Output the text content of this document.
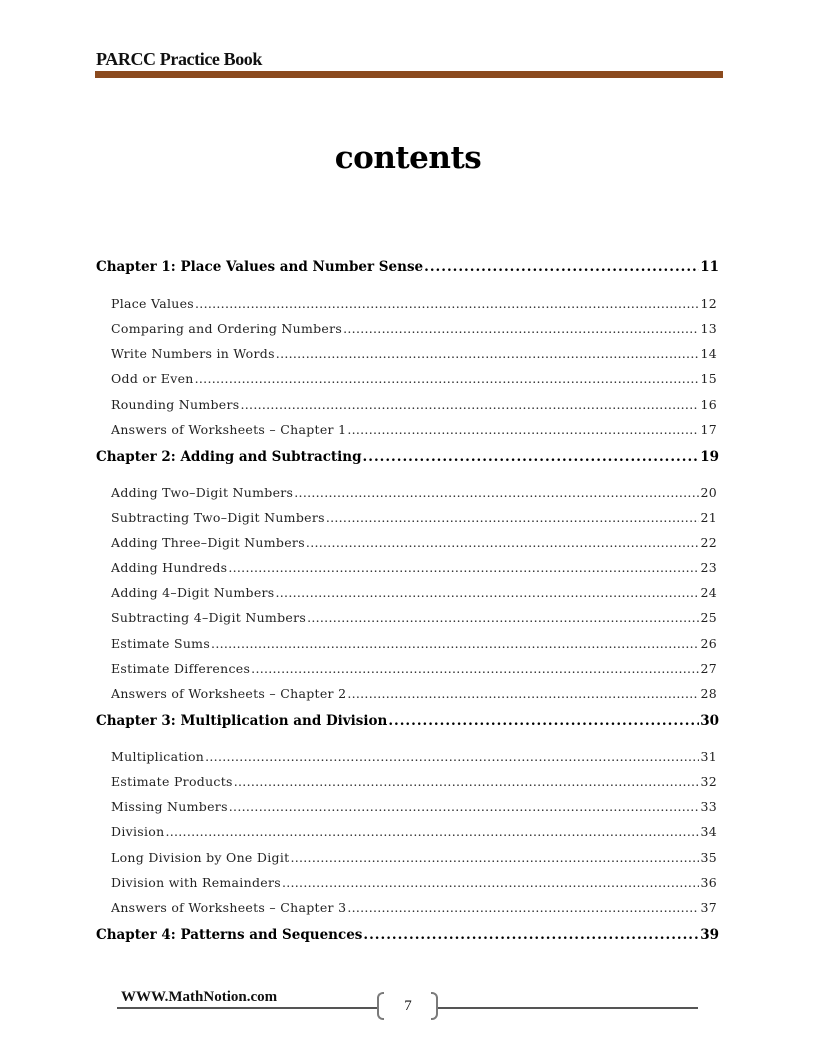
PARCC Practice Book
contents
Chapter 1: Place Values and Number Sense .....	11
Place Values .....	12
Comparing and Ordering Numbers .....	13
Write Numbers in Words .....	14
Odd or Even .....	15
Rounding Numbers .....	16
Answers of Worksheets – Chapter 1 .....	17
Chapter 2: Adding and Subtracting .....	19
Adding Two–Digit Numbers .....	20
Subtracting Two–Digit Numbers .....	21
Adding Three–Digit Numbers .....	22
Adding Hundreds .....	23
Adding 4–Digit Numbers .....	24
Subtracting 4–Digit Numbers .....	25
Estimate Sums .....	26
Estimate Differences .....	27
Answers of Worksheets – Chapter 2 .....	28
Chapter 3: Multiplication and Division .....	30
Multiplication .....	31
Estimate Products .....	32
Missing Numbers .....	33
Division .....	34
Long Division by One Digit .....	35
Division with Remainders .....	36
Answers of Worksheets – Chapter 3 .....	37
Chapter 4: Patterns and Sequences .....	39
WWW.MathNotion.com
7
